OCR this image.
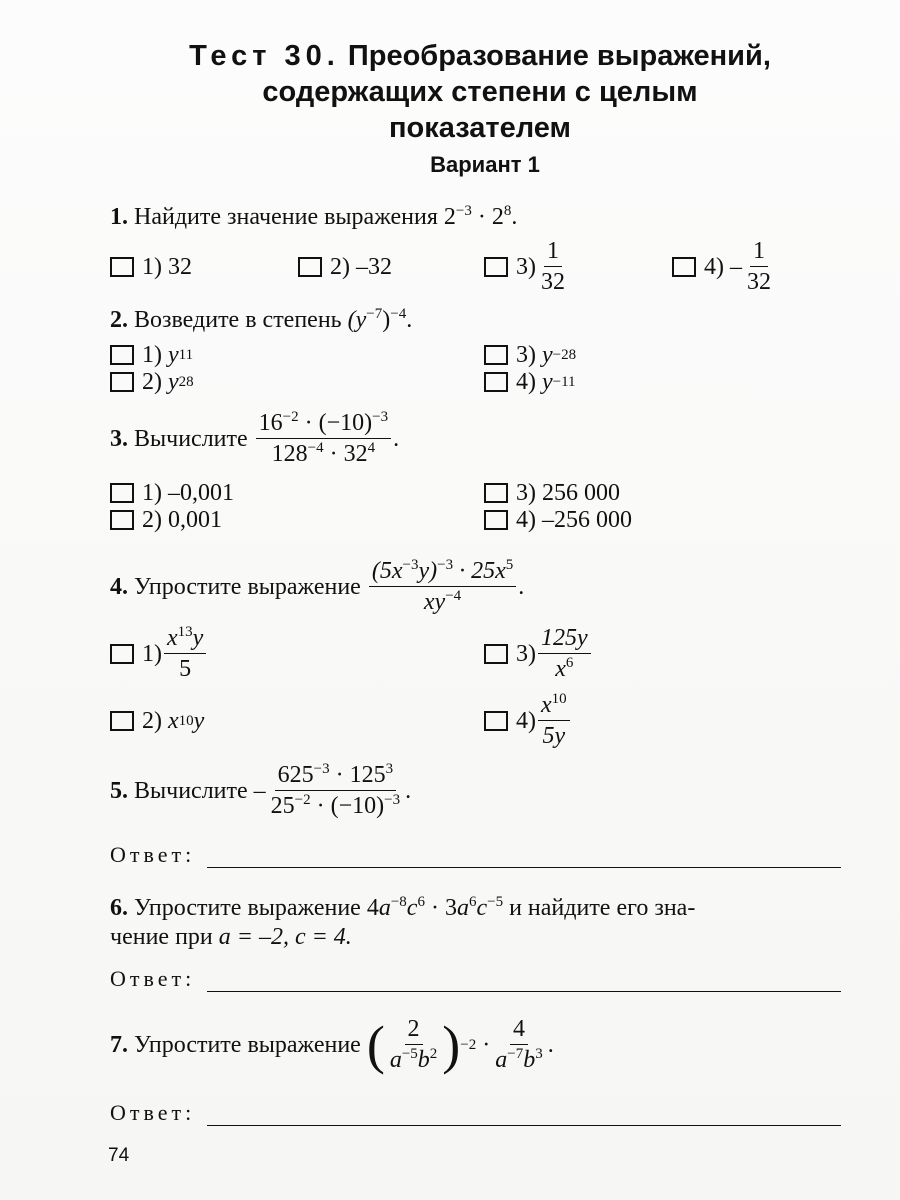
Тест 30. Преобразование выражений,
содержащих степени с целым
показателем
Вариант 1
1. Найдите значение выражения $2^{-3} \cdot 2^8$.
1) 32	2) –32	$3) \frac{1}{32}$	$4) - \frac{1}{32}$
2. Возведите в степень $(y^{-7})^{-4}$.
1)
y 11
2)
y 28
3)
y −28
4)
y −11
3.
Вычислите
$\frac{16^{-2} \cdot (-10)^{-3}}{128^{-4} \cdot 32^4}$ .
1) –0,001
2) 0,001
3) 256 000
4) –256 000
4.
Упростите выражение
$\frac{(5x^{-3}y)^{-3} \cdot 25x^5}{xy^{-4}}$ .
$1) \frac{x^{13}y}{5}$
2)
x 10 y
$3) \frac{125y}{x^6}$
$4) \frac{x^{10}}{5y}$
5.
Вычислите – $\frac{625^{-3} \cdot 125^3}{25^{-2} \cdot (-10)^{-3}}$ .
Ответ:
6. Упростите выражение $4a^{-8}c^6 \cdot 3a^6c^{-5}$ и найдите его зна-
чение при a = –2, c = 4.
Ответ:
7.
Упростите выражение
( $\frac{2}{a^{-5}b^2}$ ) −2
· $\frac{4}{a^{-7}b^3}$ .
Ответ:
74
